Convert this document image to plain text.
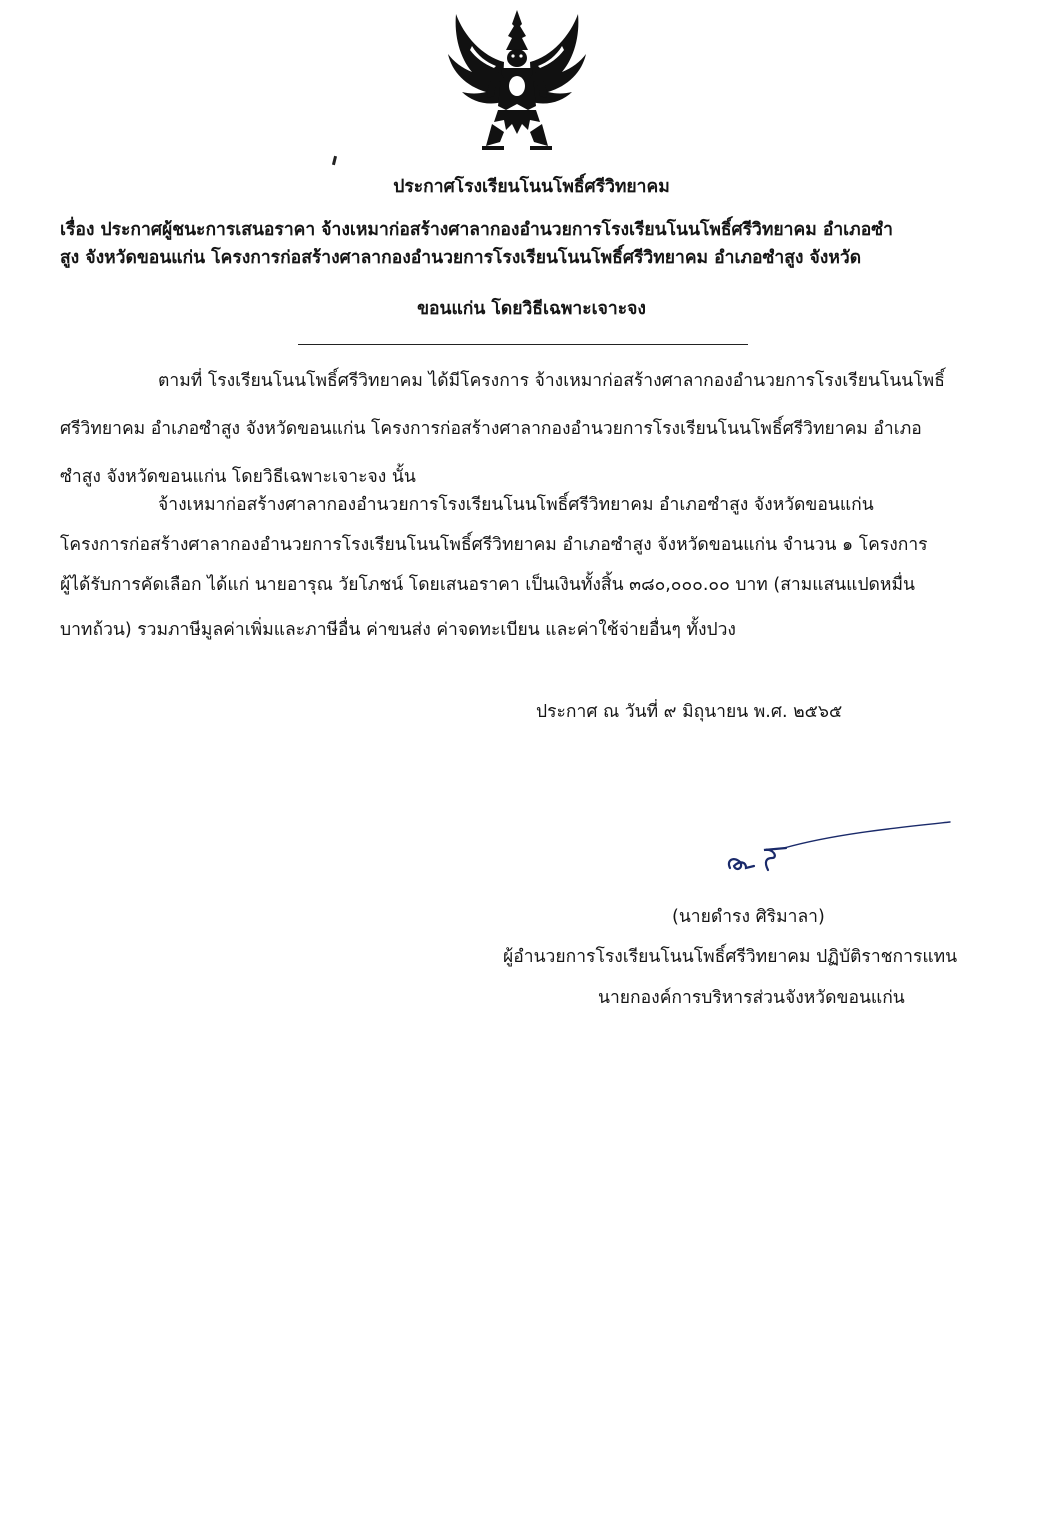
ประกาศโรงเรียนโนนโพธิ์ศรีวิทยาคม
เรื่อง ประกาศผู้ชนะการเสนอราคา จ้างเหมาก่อสร้างศาลากองอำนวยการโรงเรียนโนนโพธิ์ศรีวิทยาคม อำเภอซำ
สูง จังหวัดขอนแก่น โครงการก่อสร้างศาลากองอำนวยการโรงเรียนโนนโพธิ์ศรีวิทยาคม อำเภอซำสูง จังหวัด
ขอนแก่น โดยวิธีเฉพาะเจาะจง
ตามที่ โรงเรียนโนนโพธิ์ศรีวิทยาคม ได้มีโครงการ จ้างเหมาก่อสร้างศาลากองอำนวยการโรงเรียนโนนโพธิ์
ศรีวิทยาคม อำเภอซำสูง จังหวัดขอนแก่น โครงการก่อสร้างศาลากองอำนวยการโรงเรียนโนนโพธิ์ศรีวิทยาคม อำเภอ
ซำสูง จังหวัดขอนแก่น โดยวิธีเฉพาะเจาะจง นั้น
จ้างเหมาก่อสร้างศาลากองอำนวยการโรงเรียนโนนโพธิ์ศรีวิทยาคม อำเภอซำสูง จังหวัดขอนแก่น
โครงการก่อสร้างศาลากองอำนวยการโรงเรียนโนนโพธิ์ศรีวิทยาคม อำเภอซำสูง จังหวัดขอนแก่น จำนวน ๑ โครงการ
ผู้ได้รับการคัดเลือก ได้แก่ นายอารุณ วัยโภชน์ โดยเสนอราคา เป็นเงินทั้งสิ้น ๓๘๐,๐๐๐.๐๐ บาท (สามแสนแปดหมื่น
บาทถ้วน) รวมภาษีมูลค่าเพิ่มและภาษีอื่น ค่าขนส่ง ค่าจดทะเบียน และค่าใช้จ่ายอื่นๆ ทั้งปวง
ประกาศ ณ วันที่ ๙ มิถุนายน พ.ศ. ๒๕๖๕
(นายดำรง ศิริมาลา)
ผู้อำนวยการโรงเรียนโนนโพธิ์ศรีวิทยาคม ปฏิบัติราชการแทน
นายกองค์การบริหารส่วนจังหวัดขอนแก่น
